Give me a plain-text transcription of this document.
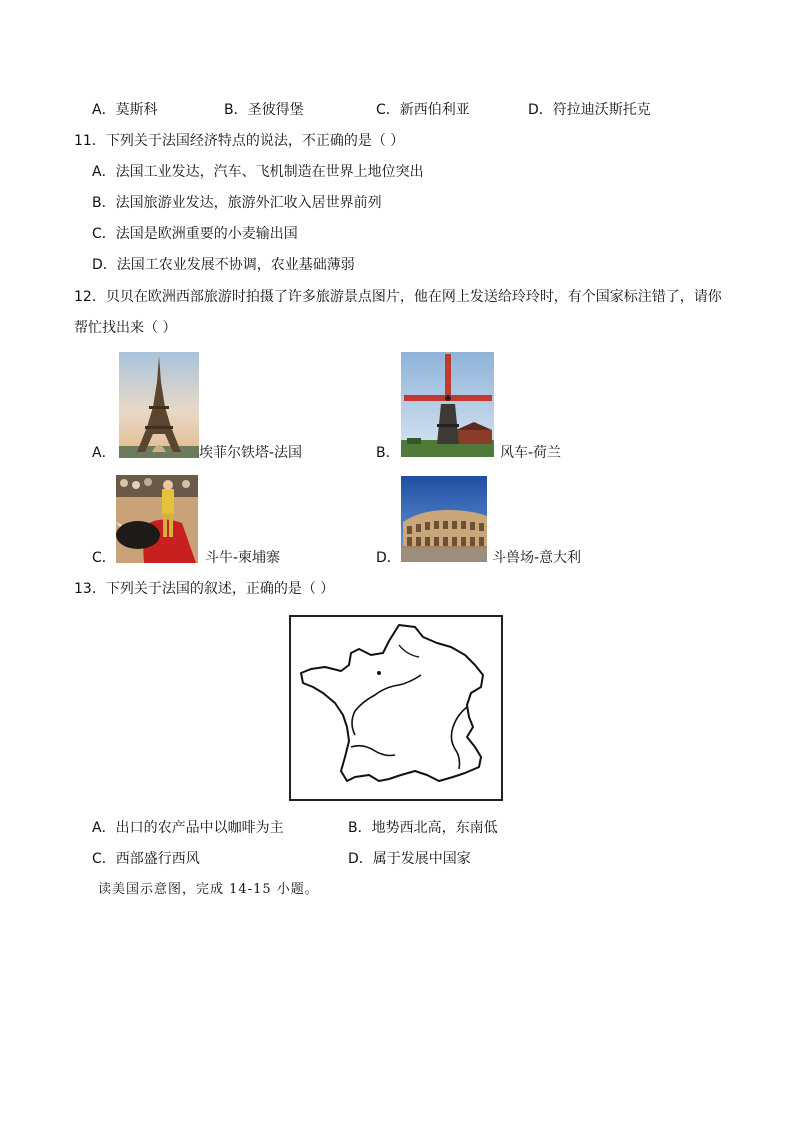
A．莫斯科	B．圣彼得堡	C．新西伯利亚	D．符拉迪沃斯托克
11．下列关于法国经济特点的说法，不正确的是（ ）
A．法国工业发达，汽车、飞机制造在世界上地位突出
B．法国旅游业发达，旅游外汇收入居世界前列
C．法国是欧洲重要的小麦输出国
D．法国工农业发展不协调，农业基础薄弱
12．贝贝在欧洲西部旅游时拍摄了许多旅游景点图片，他在网上发送给玲玲时，有个国家标注错了，请你
帮忙找出来（ ）
A．	埃菲尔铁塔-法国	B．	风车-荷兰
C．	斗牛-柬埔寨	D．	斗兽场-意大利
13．下列关于法国的叙述，正确的是（ ）
A．出口的农产品中以咖啡为主	B．地势西北高，东南低
C．西部盛行西风	D．属于发展中国家
读美国示意图，完成 14-15 小题。
